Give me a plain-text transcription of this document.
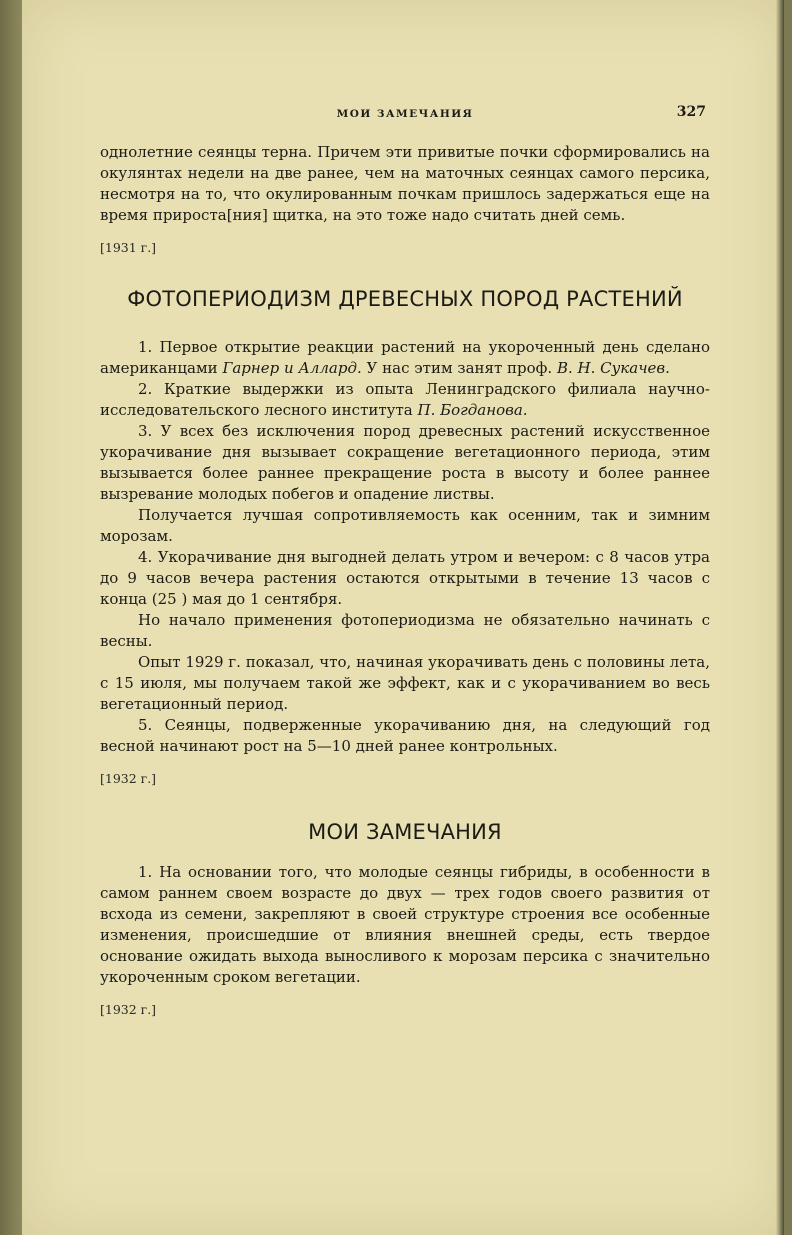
МОИ ЗАМЕЧАНИЯ	327

однолетние сеянцы терна. Причем эти привитые почки сформировались на окулянтах недели на две ранее, чем на маточных сеянцах самого персика, несмотря на то, что окулированным почкам пришлось задержаться еще на время прироста[ния] щитка, на это тоже надо считать дней семь.

[1931 г.]
ФОТОПЕРИОДИЗМ ДРЕВЕСНЫХ ПОРОД РАСТЕНИЙ

1. Первое открытие реакции растений на укороченный день сделано американцами Гарнер и Аллард. У нас этим занят проф. В. Н. Сукачев.

2. Краткие выдержки из опыта Ленинградского филиала научно-исследовательского лесного института П. Богданова.

3. У всех без исключения пород древесных растений искусственное укорачивание дня вызывает сокращение вегетационного периода, этим вызывается более раннее прекращение роста в высоту и более раннее вызревание молодых побегов и опадение листвы.

Получается лучшая сопротивляемость как осенним, так и зимним морозам.

4. Укорачивание дня выгодней делать утром и вечером: с 8 часов утра до 9 часов вечера растения остаются открытыми в течение 13 часов с конца (25 ) мая до 1 сентября.

Но начало применения фотопериодизма не обязательно начинать с весны.

Опыт 1929 г. показал, что, начиная укорачивать день с половины лета, с 15 июля, мы получаем такой же эффект, как и с укорачиванием во весь вегетационный период.

5. Сеянцы, подверженные укорачиванию дня, на следующий год весной начинают рост на 5—10 дней ранее контрольных.

[1932 г.]
МОИ ЗАМЕЧАНИЯ

1. На основании того, что молодые сеянцы гибриды, в особенности в самом раннем своем возрасте до двух — трех годов своего развития от всхода из семени, закрепляют в своей структуре строения все особенные изменения, происшедшие от влияния внешней среды, есть твердое основание ожидать выхода выносливого к морозам персика с значительно укороченным сроком вегетации.

[1932 г.]
